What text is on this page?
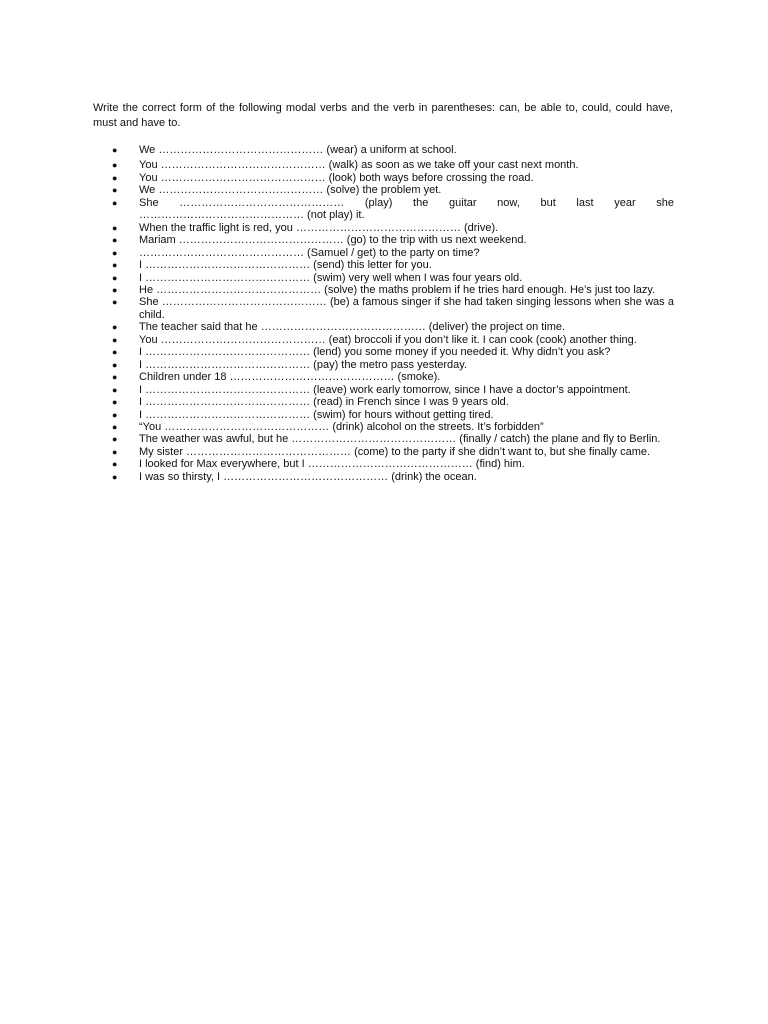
Write the correct form of the following modal verbs and the verb in parentheses: can, be able to, could, could have, must and have to.

●	We ……………………………………… (wear) a uniform at school.
●	You ……………………………………… (walk) as soon as we take off your cast next month.
●	You ……………………………………… (look) both ways before crossing the road.
●	We ……………………………………… (solve) the problem yet.
●	She ……………………………………… (play) the guitar now, but last year she ……………………………………… (not play) it.
●	When the traffic light is red, you ……………………………………… (drive).
●	Mariam ……………………………………… (go) to the trip with us next weekend.
●	……………………………………… (Samuel / get) to the party on time?
●	I ……………………………………… (send) this letter for you.
●	I ……………………………………… (swim) very well when I was four years old.
●	He ……………………………………… (solve) the maths problem if he tries hard enough. He’s just too lazy.
●	She ……………………………………… (be) a famous singer if she had taken singing lessons when she was a child.
●	The teacher said that he ……………………………………… (deliver) the project on time.
●	You ……………………………………… (eat) broccoli if you don’t like it. I can cook (cook) another thing.
●	I ……………………………………… (lend) you some money if you needed it. Why didn’t you ask?
●	I ……………………………………… (pay) the metro pass yesterday.
●	Children under 18 ……………………………………… (smoke).
●	I ……………………………………… (leave) work early tomorrow, since I have a doctor’s appointment.
●	I ……………………………………… (read) in French since I was 9 years old.
●	I ……………………………………… (swim) for hours without getting tired.
●	“You ……………………………………… (drink) alcohol on the streets. It’s forbidden”
●	The weather was awful, but he ……………………………………… (finally / catch) the plane and fly to Berlin.
●	My sister ……………………………………… (come) to the party if she didn’t want to, but she finally came.
●	I looked for Max everywhere, but I ……………………………………… (find) him.
●	I was so thirsty, I ……………………………………… (drink) the ocean.
